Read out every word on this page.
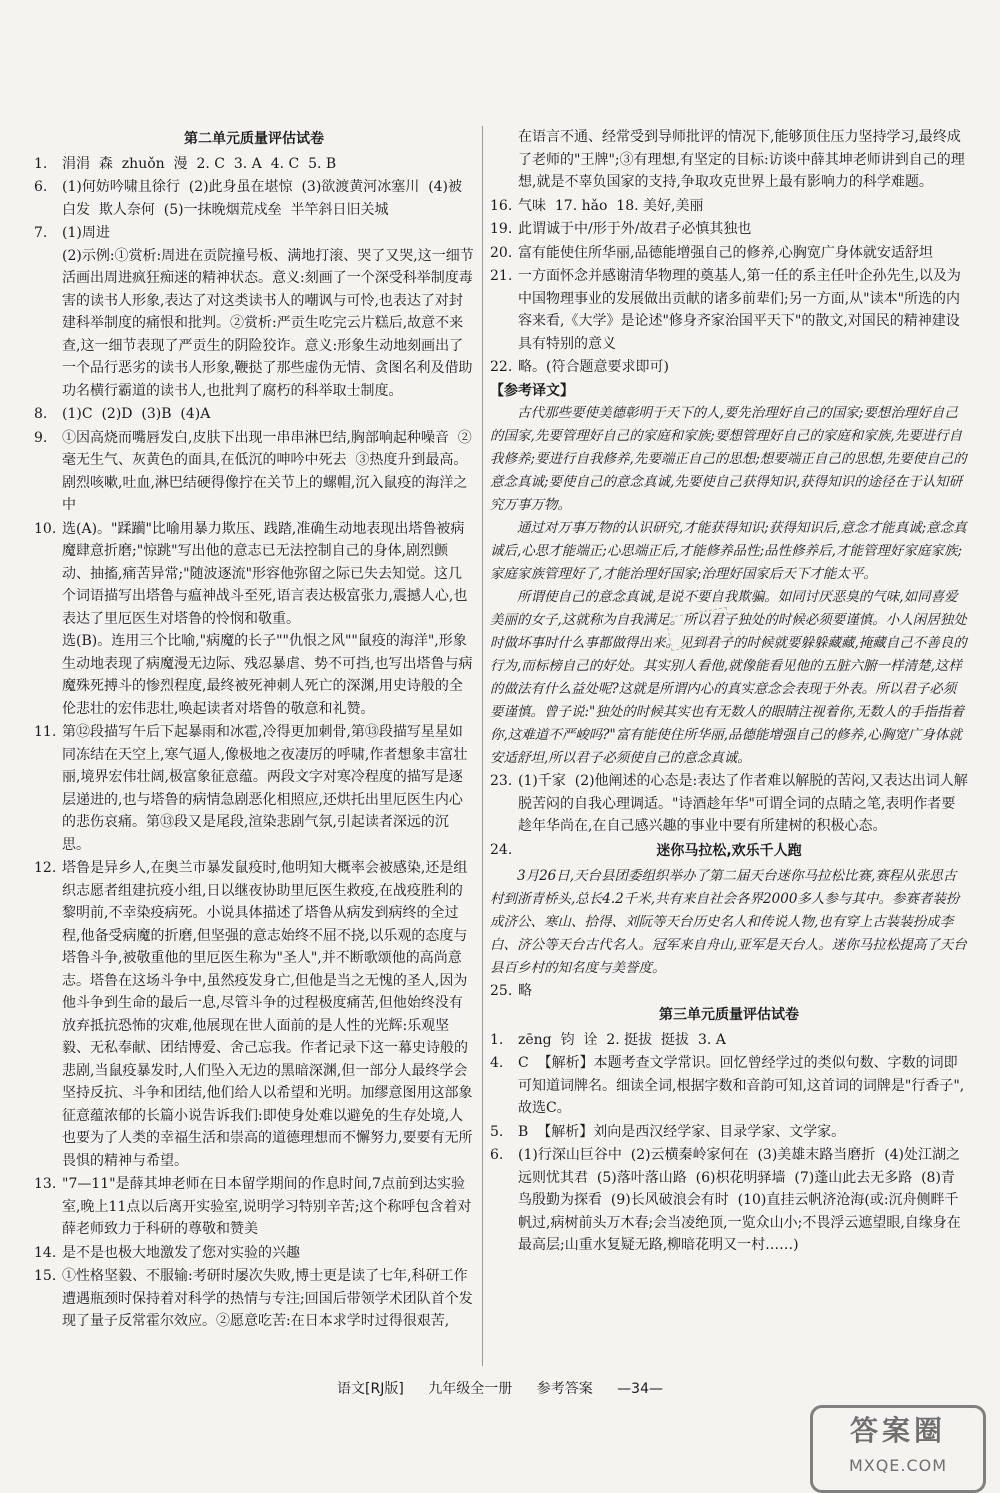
第二单元质量评估试卷
1. 涓涓  森  zhuǒn  漫  2. C  3. A  4. C  5. B
6. (1)何妨吟啸且徐行  (2)此身虽在堪惊  (3)欲渡黄河冰塞川  (4)被白发  欺人奈何  (5)一抹晚烟荒戍垒  半竿斜日旧关城
7. (1)周进
(2)示例:①赏析:周进在贡院撞号板、满地打滚、哭了又哭,这一细节活画出周进疯狂痴迷的精神状态。意义:刻画了一个深受科举制度毒害的读书人形象,表达了对这类读书人的嘲讽与可怜,也表达了对封建科举制度的痛恨和批判。②赏析:严贡生吃完云片糕后,故意不来查,这一细节表现了严贡生的阴险狡诈。意义:形象生动地刻画出了一个品行恶劣的读书人形象,鞭挞了那些虚伪无情、贪图名利及借助功名横行霸道的读书人,也批判了腐朽的科举取士制度。
8. (1)C  (2)D  (3)B  (4)A
9. ①因高烧而嘴唇发白,皮肤下出现一串串淋巴结,胸部响起种噪音  ②毫无生气、灰黄色的面具,在低沉的呻吟中死去  ③热度升到最高。剧烈咳嗽,吐血,淋巴结硬得像拧在关节上的螺帽,沉入鼠疫的海洋之中
10. 选(A)。"蹂躏"比喻用暴力欺压、践踏,准确生动地表现出塔鲁被病魔肆意折磨;"惊跳"写出他的意志已无法控制自己的身体,剧烈颤动、抽搐,痛苦异常;"随波逐流"形容他弥留之际已失去知觉。这几个词语描写出塔鲁与瘟神战斗至死,语言表达极富张力,震撼人心,也表达了里厄医生对塔鲁的怜悯和敬重。
选(B)。连用三个比喻,"病魔的长子""仇恨之风""鼠疫的海洋",形象生动地表现了病魔漫无边际、残忍暴虐、势不可挡,也写出塔鲁与病魔殊死搏斗的惨烈程度,最终被死神刺人死亡的深渊,用史诗般的全伦悲壮的宏伟悲壮,唤起读者对塔鲁的敬意和礼赞。
11. 第⑫段描写午后下起暴雨和冰雹,冷得更加刺骨,第⑬段描写星星如同冻结在天空上,寒气逼人,像极地之夜凄厉的呼啸,作者想象丰富壮丽,境界宏伟壮阔,极富象征意蕴。两段文字对寒冷程度的描写是逐层递进的,也与塔鲁的病情急剧恶化相照应,还烘托出里厄医生内心的悲伤哀痛。第⑬段又是尾段,渲染悲剧气氛,引起读者深远的沉思。
12. 塔鲁是异乡人,在奥兰市暴发鼠疫时,他明知大概率会被感染,还是组织志愿者组建抗疫小组,日以继夜协助里厄医生救疫,在战疫胜利的黎明前,不幸染疫病死。小说具体描述了塔鲁从病发到病终的全过程,他备受病魔的折磨,但坚强的意志始终不屈不挠,以乐观的态度与塔鲁斗争,被敬重他的里厄医生称为"圣人",并不断歌颂他的高尚意志。塔鲁在这场斗争中,虽然疫发身亡,但他是当之无愧的圣人,因为他斗争到生命的最后一息,尽管斗争的过程极度痛苦,但他始终没有放弃抵抗恐怖的灾难,他展现在世人面前的是人性的光辉:乐观坚毅、无私奉献、团结博爱、舍己忘我。作者记录下这一幕史诗般的悲剧,当鼠疫暴发时,人们坠入无边的黑暗深渊,但一部分人最终学会坚持反抗、斗争和团结,他们给人以希望和光明。加缪意图用这部象征意蕴浓郁的长篇小说告诉我们:即使身处难以避免的生存处境,人也要为了人类的幸福生活和崇高的道德理想而不懈努力,要要有无所畏惧的精神与希望。
13. "7—11"是薛其坤老师在日本留学期间的作息时间,7点前到达实验室,晚上11点以后离开实验室,说明学习特别辛苦;这个称呼包含着对薛老师致力于科研的尊敬和赞美
14. 是不是也极大地激发了您对实验的兴趣
15. ①性格坚毅、不服输:考研时屡次失败,博士更是读了七年,科研工作遭遇瓶颈时保持着对科学的热情与专注;回国后带领学术团队首个发现了量子反常霍尔效应。②愿意吃苦:在日本求学时过得很艰苦,
在语言不通、经常受到导师批评的情况下,能够顶住压力坚持学习,最终成了老师的"王牌";③有理想,有坚定的目标:访谈中薛其坤老师讲到自己的理想,就是不辜负国家的支持,争取攻克世界上最有影响力的科学难题。
16. 气味  17. hǎo  18. 美好,美丽
19. 此谓诚于中/形于外/故君子必慎其独也
20. 富有能使住所华丽,品德能增强自己的修养,心胸宽广身体就安适舒坦
21. 一方面怀念并感谢清华物理的奠基人,第一任的系主任叶企孙先生,以及为中国物理事业的发展做出贡献的诸多前辈们;另一方面,从"读本"所选的内容来看,《大学》是论述"修身齐家治国平天下"的散文,对国民的精神建设具有特别的意义
22. 略。(符合题意要求即可)
【参考译文】
古代那些要使美德彰明于天下的人,要先治理好自己的国家;要想治理好自己的国家,先要管理好自己的家庭和家族;要想管理好自己的家庭和家族,先要进行自我修养;要进行自我修养,先要端正自己的思想;想要端正自己的思想,先要使自己的意念真诚;要使自己的意念真诚,先要使自己获得知识,获得知识的途径在于认知研究万事万物。
通过对万事万物的认识研究,才能获得知识;获得知识后,意念才能真诚;意念真诚后,心思才能端正;心思端正后,才能修养品性;品性修养后,才能管理好家庭家族;家庭家族管理好了,才能治理好国家;治理好国家后天下才能太平。
所谓使自己的意念真诚,是说不要自我欺骗。如同讨厌恶臭的气味,如同喜爱美丽的女子,这就称为自我满足。所以君子独处的时候必须要谨慎。小人闲居独处时做坏事时什么事都做得出来。见到君子的时候就要躲躲藏藏,掩藏自己不善良的行为,而标榜自己的好处。其实别人看他,就像能看见他的五脏六腑一样清楚,这样的做法有什么益处呢?这就是所谓内心的真实意念会表现于外表。所以君子必须要谨慎。曾子说:"独处的时候其实也有无数人的眼睛注视着你,无数人的手指指着你,这难道不严峻吗?"富有能使住所华丽,品德能增强自己的修养,心胸宽广身体就安适舒坦,所以君子必须使自己的意念真诚。
23. (1)千家  (2)他阐述的心态是:表达了作者难以解脱的苦闷,又表达出词人解脱苦闷的自我心理调适。"诗酒趁年华"可谓全词的点睛之笔,表明作者要趁年华尚在,在自己感兴趣的事业中要有所建树的积极心态。
24.	迷你马拉松,欢乐千人跑
3月26日,天台县团委组织举办了第二届天台迷你马拉松比赛,赛程从张思古村到浙青桥头,总长4.2千米,共有来自社会各界2000多人参与其中。参赛者装扮成济公、寒山、拾得、刘阮等天台历史名人和传说人物,也有穿上古装装扮成李白、济公等天台古代名人。冠军来自舟山,亚军是天台人。迷你马拉松提高了天台县百乡村的知名度与美誉度。
25. 略
第三单元质量评估试卷
1. zēng  钧  诠  2. 挺拔  挺拔  3. A
4. C  【解析】本题考查文学常识。回忆曾经学过的类似句数、字数的词即可知道词牌名。细读全词,根据字数和音韵可知,这首词的词牌是"行香子",故选C。
5. B  【解析】刘向是西汉经学家、目录学家、文学家。
6. (1)行深山巨谷中  (2)云横秦岭家何在  (3)美雄末路当磨折  (4)处江湖之远则忧其君  (5)落叶落山路  (6)枳花明驿墙  (7)蓬山此去无多路  (8)青鸟殷勤为探看  (9)长风破浪会有时  (10)直挂云帆济沧海(或:沉舟侧畔千帆过,病树前头万木春;会当凌绝顶,一览众山小;不畏浮云遮望眼,自缘身在最高层;山重水复疑无路,柳暗花明又一村……)
语文[RJ版] 九年级全一册 参考答案 —34—
答案圈
MXQE.COM
